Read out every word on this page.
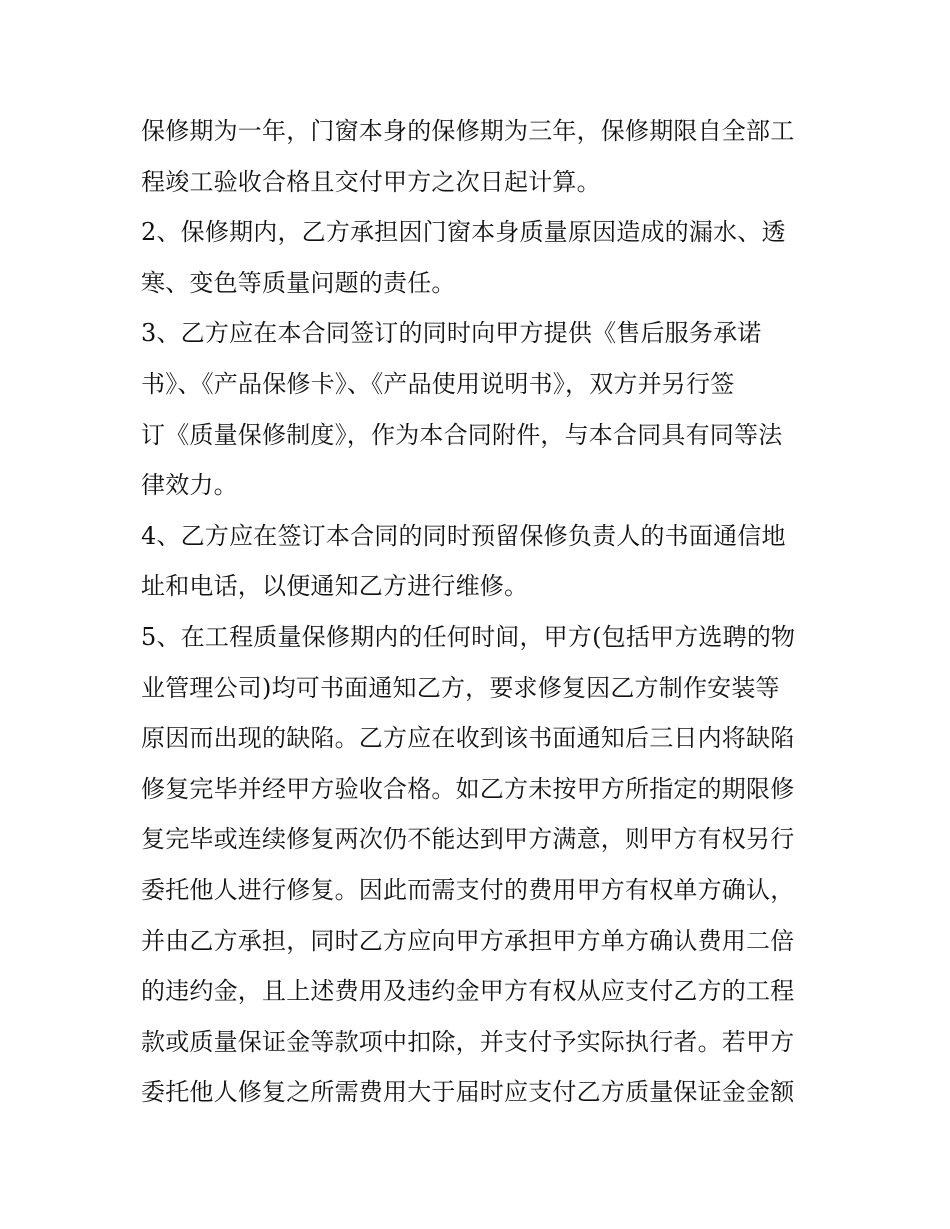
保修期为一年，门窗本身的保修期为三年，保修期限自全部工
程竣工验收合格且交付甲方之次日起计算。
2、保修期内，乙方承担因门窗本身质量原因造成的漏水、透
寒、变色等质量问题的责任。
3、乙方应在本合同签订的同时向甲方提供《售后服务承诺
书》、《产品保修卡》、《产品使用说明书》，双方并另行签
订《质量保修制度》，作为本合同附件，与本合同具有同等法
律效力。
4、乙方应在签订本合同的同时预留保修负责人的书面通信地
址和电话，以便通知乙方进行维修。
5、在工程质量保修期内的任何时间，甲方(包括甲方选聘的物
业管理公司)均可书面通知乙方，要求修复因乙方制作安装等
原因而出现的缺陷。乙方应在收到该书面通知后三日内将缺陷
修复完毕并经甲方验收合格。如乙方未按甲方所指定的期限修
复完毕或连续修复两次仍不能达到甲方满意，则甲方有权另行
委托他人进行修复。因此而需支付的费用甲方有权单方确认，
并由乙方承担，同时乙方应向甲方承担甲方单方确认费用二倍
的违约金，且上述费用及违约金甲方有权从应支付乙方的工程
款或质量保证金等款项中扣除，并支付予实际执行者。若甲方
委托他人修复之所需费用大于届时应支付乙方质量保证金金额
